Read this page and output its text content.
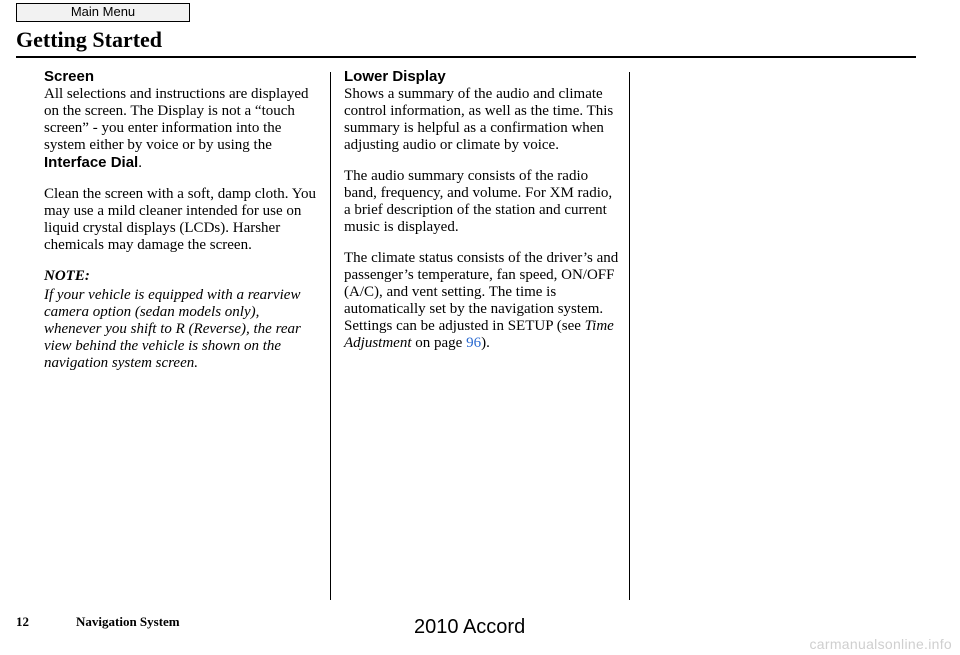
Main Menu
Getting Started
Screen

All selections and instructions are displayed on the screen. The Display is not a “touch screen” - you enter information into the system either by voice or by using the Interface Dial.

Clean the screen with a soft, damp cloth. You may use a mild cleaner intended for use on liquid crystal displays (LCDs). Harsher chemicals may damage the screen.

NOTE:

If your vehicle is equipped with a rearview camera option (sedan models only), whenever you shift to R (Reverse), the rear view behind the vehicle is shown on the navigation system screen.

Lower Display

Shows a summary of the audio and climate control information, as well as the time. This summary is helpful as a confirmation when adjusting audio or climate by voice.

The audio summary consists of the radio band, frequency, and volume. For XM radio, a brief description of the station and current music is displayed.

The climate status consists of the driver’s and passenger’s temperature, fan speed, ON/OFF (A/C), and vent setting. The time is automatically set by the navigation system. Settings can be adjusted in SETUP (see Time Adjustment on page 96).

12	Navigation System	2010 Accord
carmanualsonline.info
